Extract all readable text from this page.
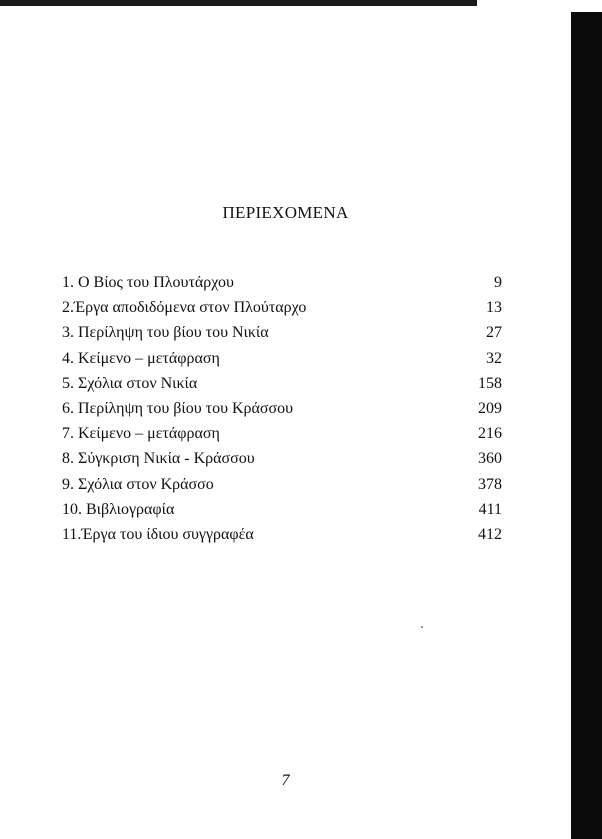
ΠΕΡΙΕΧΟΜΕΝΑ
1. Ο Βίος του Πλουτάρχου	9
2.Έργα αποδιδόμενα στον Πλούταρχο	13
3. Περίληψη του βίου του Νικία	27
4. Κείμενο – μετάφραση	32
5. Σχόλια στον Νικία	158
6. Περίληψη του βίου του Κράσσου	209
7. Κείμενο – μετάφραση	216
8. Σύγκριση Νικία - Κράσσου	360
9. Σχόλια στον Κράσσο	378
10. Βιβλιογραφία	411
11.Έργα του ίδιου συγγραφέα	412
7
